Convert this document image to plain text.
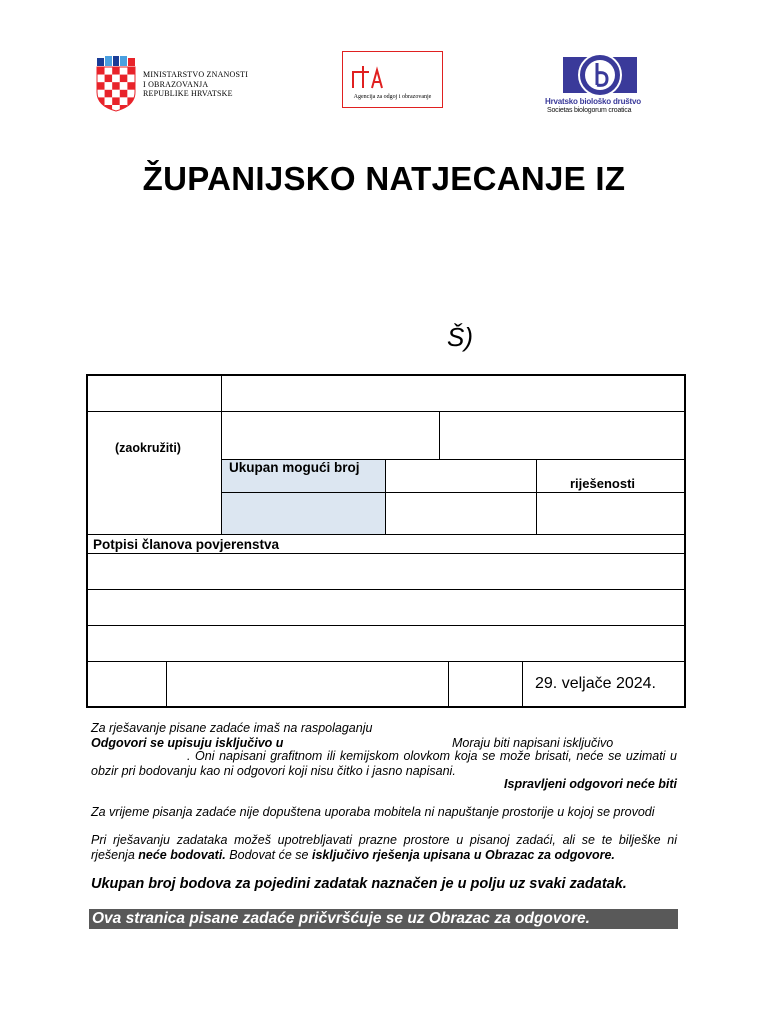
MINISTARSTVO ZNANOSTI
I OBRAZOVANJA
REPUBLIKE HRVATSKE	Agencija za odgoj i obrazovanje	Hrvatsko biološko društvo
Societas biologorum croatica
ŽUPANIJSKO NATJECANJE IZ
Š)
(zaokružiti)
Ukupan mogući broj
riješenosti
Potpisi članova povjerenstva
29. veljače 2024.
Za rješavanje pisane zadaće imaš na raspolaganju
Odgovori se upisuju isključivo u	Moraju biti napisani isključivo
. Oni napisani grafitnom ili kemijskom olovkom koja se može brisati, neće se uzimati u obzir pri bodovanju kao ni odgovori koji nisu čitko i jasno napisani.
Ispravljeni odgovori neće biti
Za vrijeme pisanja zadaće nije dopuštena uporaba mobitela ni napuštanje prostorije u kojoj se provodi
Pri rješavanju zadataka možeš upotrebljavati prazne prostore u pisanoj zadaći, ali se te bilješke ni rješenja neće bodovati. Bodovat će se isključivo rješenja upisana u Obrazac za odgovore.
Ukupan broj bodova za pojedini zadatak naznačen je u polju uz svaki zadatak.
Ova stranica pisane zadaće pričvršćuje se uz Obrazac za odgovore.
